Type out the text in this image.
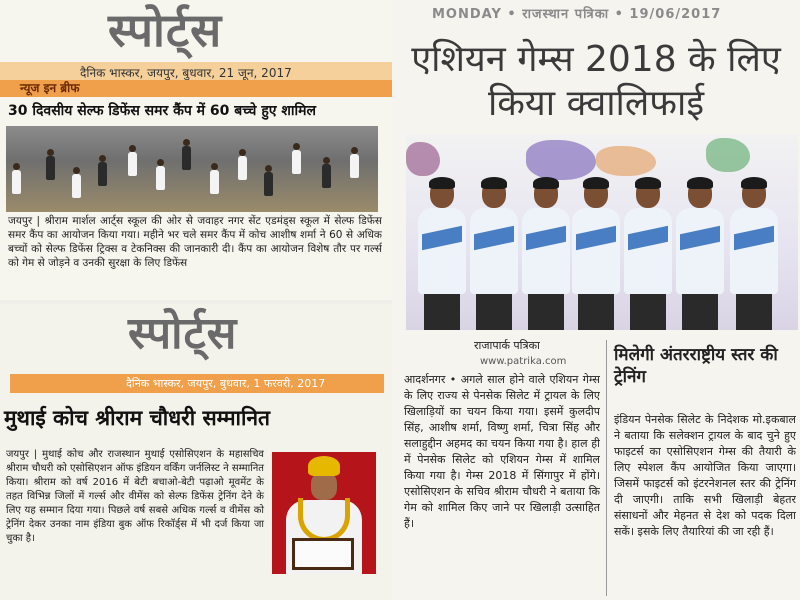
स्पोर्ट्स
दैनिक भास्कर, जयपुर, बुधवार, 21 जून, 2017
न्यूज इन ब्रीफ
30 दिवसीय सेल्फ डिफेंस समर कैंप में 60 बच्चे हुए शामिल
जयपुर | श्रीराम मार्शल आर्ट्स स्कूल की ओर से जवाहर नगर सेंट एडमंड्स स्कूल में सेल्फ डिफेंस समर कैंप का आयोजन किया गया। महीने भर चले समर कैंप में कोच आशीष शर्मा ने 60 से अधिक बच्चों को सेल्फ डिफेंस ट्रिक्स व टेकनिक्स की जानकारी दी। कैंप का आयोजन विशेष तौर पर गर्ल्स को गेम से जोड़ने व उनकी सुरक्षा के लिए डिफेंस
स्पोर्ट्स
दैनिक भास्कर, जयपुर, बुधवार, 1 फरवरी, 2017
मुथाई कोच श्रीराम चौधरी सम्मानित
जयपुर | मुथाई कोच और राजस्थान मुथाई एसोसिएशन के महासचिव श्रीराम चौधरी को एसोसिएशन ऑफ इंडियन वर्किंग जर्नलिस्ट ने सम्मानित किया। श्रीराम को वर्ष 2016 में बेटी बचाओ-बेटी पढ़ाओ मूवमेंट के तहत विभिन्न जिलों में गर्ल्स और वीमेंस को सेल्फ डिफेंस ट्रेनिंग देने के लिए यह सम्मान दिया गया। पिछले वर्ष सबसे अधिक गर्ल्स व वीमेंस को ट्रेनिंग देकर उनका नाम इंडिया बुक ऑफ रिकॉर्ड्स में भी दर्ज किया जा चुका है।
MONDAY • राजस्थान पत्रिका • 19/06/2017
एशियन गेम्स 2018 के लिए किया क्वालिफाई
राजापार्क पत्रिका
www.patrika.com
आदर्शनगर • अगले साल होने वाले एशियन गेम्स के लिए राज्य से पेनसेक सिलेट में ट्रायल के लिए खिलाड़ियों का चयन किया गया। इसमें कुलदीप सिंह, आशीष शर्मा, विष्णु शर्मा, चित्रा सिंह और सलाहुद्दीन अहमद का चयन किया गया है। हाल ही में पेनसेक सिलेट को एशियन गेम्स में शामिल किया गया है। गेम्स 2018 में सिंगापुर में होंगे। एसोसिएशन के सचिव श्रीराम चौधरी ने बताया कि गेम को शामिल किए जाने पर खिलाड़ी उत्साहित हैं।
मिलेगी अंतरराष्ट्रीय स्तर की ट्रेनिंग
इंडियन पेनसेक सिलेट के निदेशक मो.इकबाल ने बताया कि सलेक्शन ट्रायल के बाद चुने हुए फाइटर्स का एसोसिएशन गेम्स की तैयारी के लिए स्पेशल कैंप आयोजित किया जाएगा। जिसमें फाइटर्स को इंटरनेशनल स्तर की ट्रेनिंग दी जाएगी। ताकि सभी खिलाड़ी बेहतर संसाधनों और मेहनत से देश को पदक दिला सकें। इसके लिए तैयारियां की जा रही हैं।
